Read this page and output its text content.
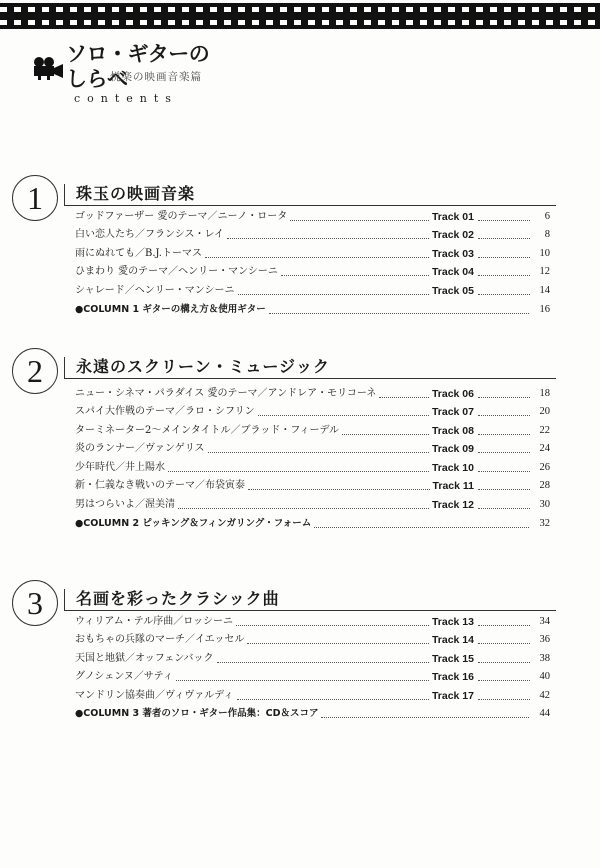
ソロ・ギターの
しらべ
悦楽の映画音楽篇
contents
1	珠玉の映画音楽
ゴッドファーザー 愛のテーマ／ニーノ・ロータ	Track 01	6
白い恋人たち／フランシス・レイ	Track 02	8
雨にぬれても／B.J.トーマス	Track 03	10
ひまわり 愛のテーマ／ヘンリー・マンシーニ	Track 04	12
シャレード／ヘンリー・マンシーニ	Track 05	14
●COLUMN 1 ギターの構え方＆使用ギター	16
2	永遠のスクリーン・ミュージック
ニュー・シネマ・パラダイス 愛のテーマ／アンドレア・モリコーネ	Track 06	18
スパイ大作戦のテーマ／ラロ・シフリン	Track 07	20
ターミネーター2～メインタイトル／ブラッド・フィーデル	Track 08	22
炎のランナー／ヴァンゲリス	Track 09	24
少年時代／井上陽水	Track 10	26
新・仁義なき戦いのテーマ／布袋寅泰	Track 11	28
男はつらいよ／渥美清	Track 12	30
●COLUMN 2 ピッキング＆フィンガリング・フォーム	32
3	名画を彩ったクラシック曲
ウィリアム・テル序曲／ロッシーニ	Track 13	34
おもちゃの兵隊のマーチ／イエッセル	Track 14	36
天国と地獄／オッフェンバック	Track 15	38
グノシェンヌ／サティ	Track 16	40
マンドリン協奏曲／ヴィヴァルディ	Track 17	42
●COLUMN 3 著者のソロ・ギター作品集：CD＆スコア	44
